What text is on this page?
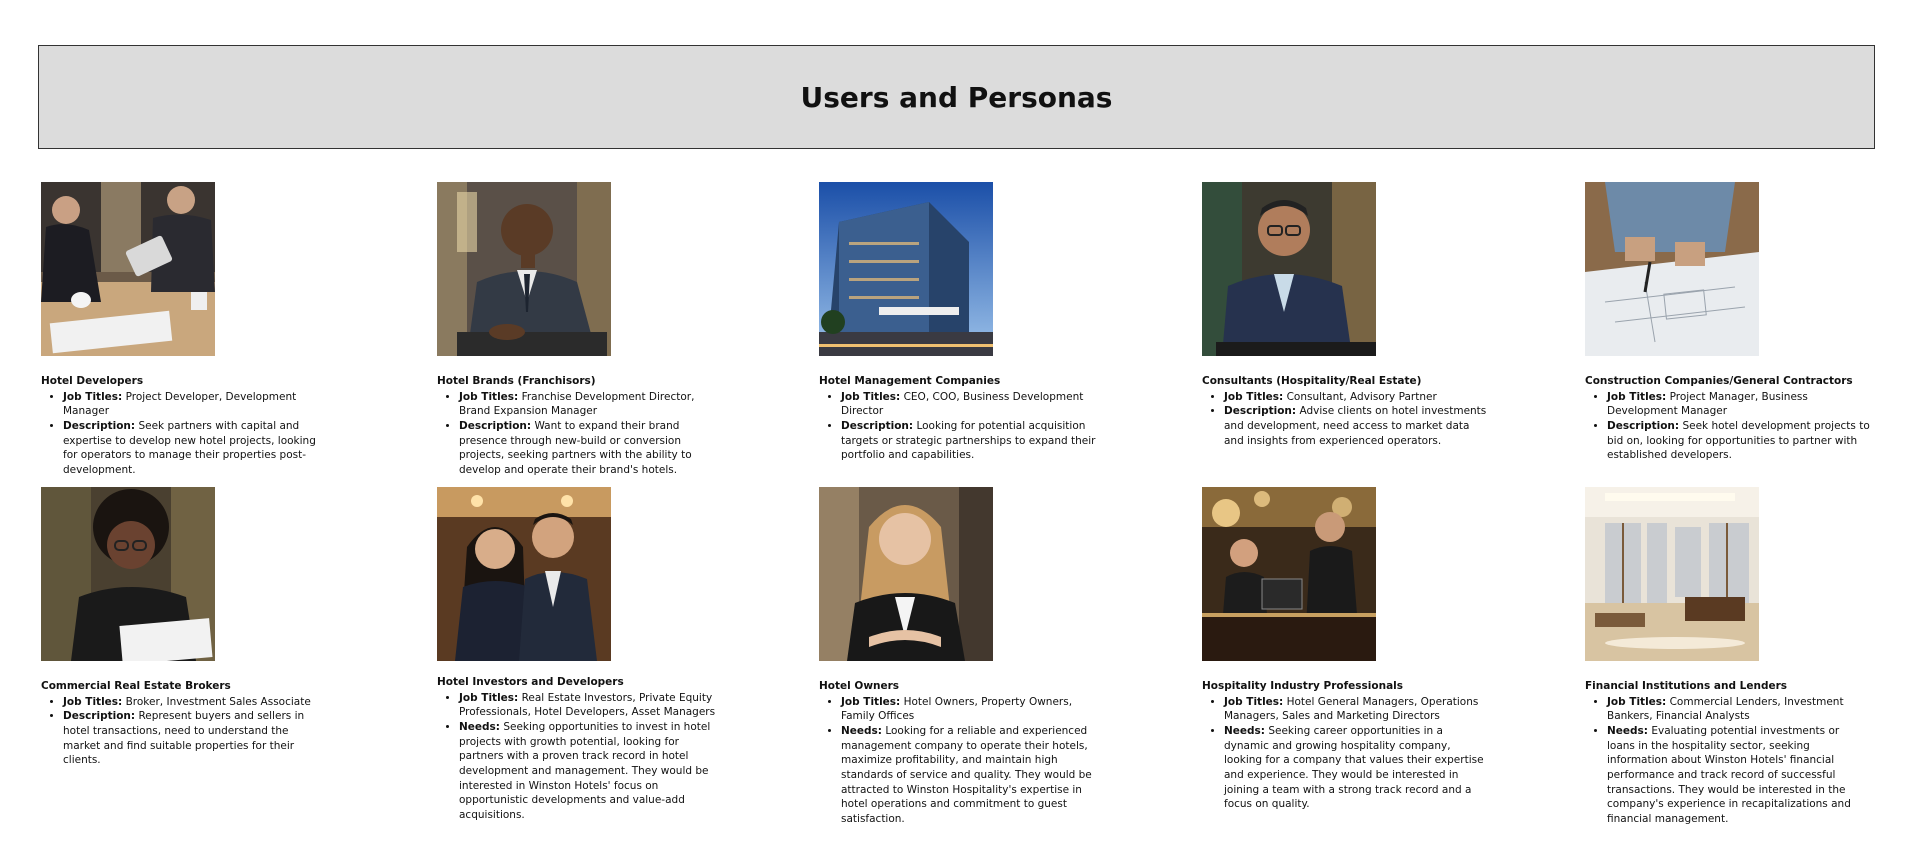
Users and Personas
Hotel Developers
• Job Titles: Project Developer, Development Manager
• Description: Seek partners with capital and expertise to develop new hotel projects, looking for operators to manage their properties post-development.
Hotel Brands (Franchisors)
• Job Titles: Franchise Development Director, Brand Expansion Manager
• Description: Want to expand their brand presence through new-build or conversion projects, seeking partners with the ability to develop and operate their brand's hotels.
Hotel Management Companies
• Job Titles: CEO, COO, Business Development Director
• Description: Looking for potential acquisition targets or strategic partnerships to expand their portfolio and capabilities.
Consultants (Hospitality/Real Estate)
• Job Titles: Consultant, Advisory Partner
• Description: Advise clients on hotel investments and development, need access to market data and insights from experienced operators.
Construction Companies/General Contractors
• Job Titles: Project Manager, Business Development Manager
• Description: Seek hotel development projects to bid on, looking for opportunities to partner with established developers.
Commercial Real Estate Brokers
• Job Titles: Broker, Investment Sales Associate
• Description: Represent buyers and sellers in hotel transactions, need to understand the market and find suitable properties for their clients.
Hotel Investors and Developers
• Job Titles: Real Estate Investors, Private Equity Professionals, Hotel Developers, Asset Managers
• Needs: Seeking opportunities to invest in hotel projects with growth potential, looking for partners with a proven track record in hotel development and management. They would be interested in Winston Hotels' focus on opportunistic developments and value-add acquisitions.
Hotel Owners
• Job Titles: Hotel Owners, Property Owners, Family Offices
• Needs: Looking for a reliable and experienced management company to operate their hotels, maximize profitability, and maintain high standards of service and quality. They would be attracted to Winston Hospitality's expertise in hotel operations and commitment to guest satisfaction.
Hospitality Industry Professionals
• Job Titles: Hotel General Managers, Operations Managers, Sales and Marketing Directors
• Needs: Seeking career opportunities in a dynamic and growing hospitality company, looking for a company that values their expertise and experience. They would be interested in joining a team with a strong track record and a focus on quality.
Financial Institutions and Lenders
• Job Titles: Commercial Lenders, Investment Bankers, Financial Analysts
• Needs: Evaluating potential investments or loans in the hospitality sector, seeking information about Winston Hotels' financial performance and track record of successful transactions. They would be interested in the company's experience in recapitalizations and financial management.
